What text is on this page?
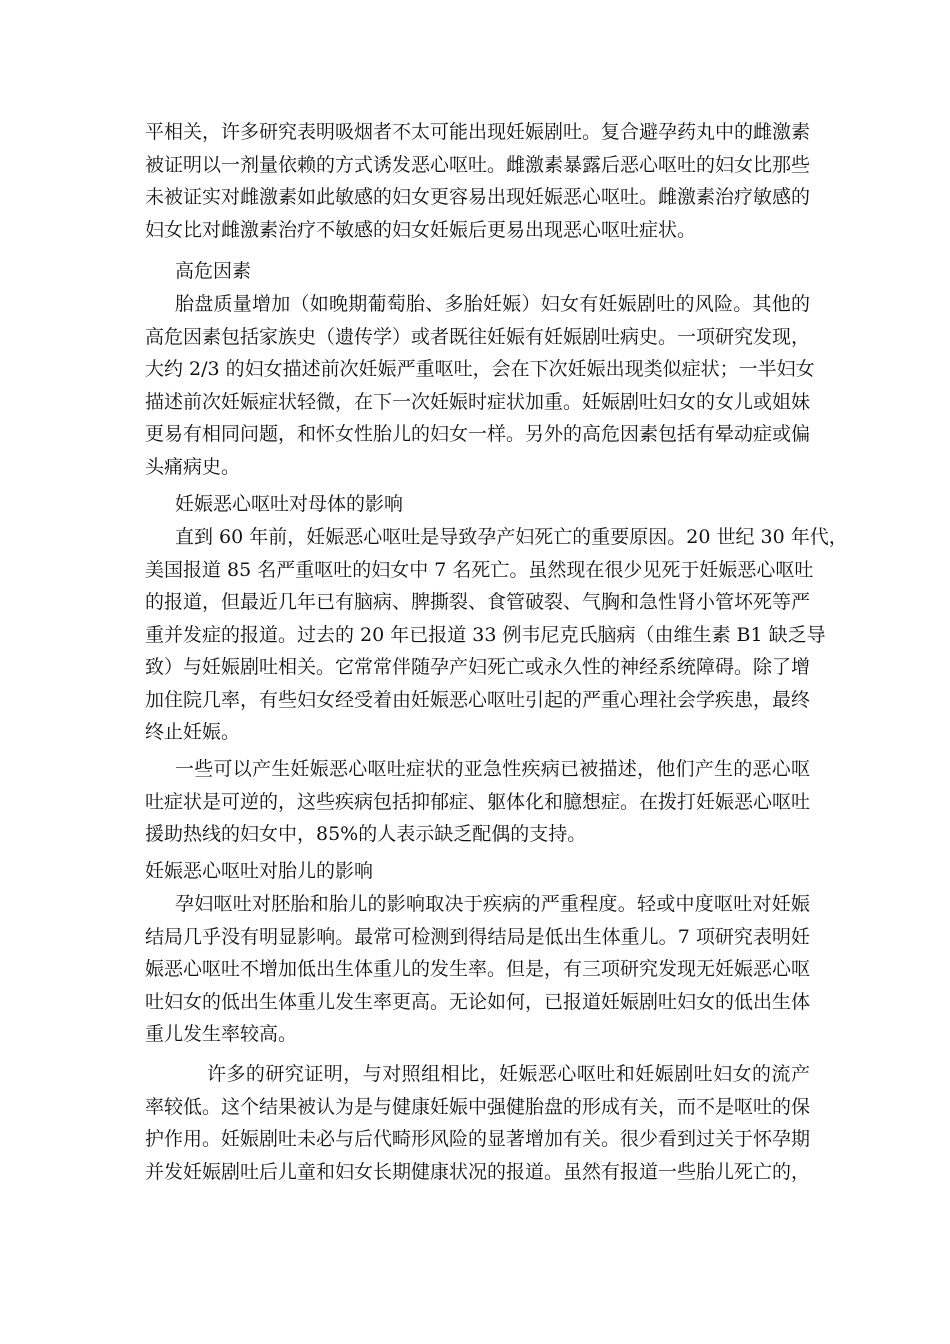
平相关，许多研究表明吸烟者不太可能出现妊娠剧吐。复合避孕药丸中的雌激素
被证明以一剂量依赖的方式诱发恶心呕吐。雌激素暴露后恶心呕吐的妇女比那些
未被证实对雌激素如此敏感的妇女更容易出现妊娠恶心呕吐。雌激素治疗敏感的
妇女比对雌激素治疗不敏感的妇女妊娠后更易出现恶心呕吐症状。
高危因素
胎盘质量增加（如晚期葡萄胎、多胎妊娠）妇女有妊娠剧吐的风险。其他的
高危因素包括家族史（遗传学）或者既往妊娠有妊娠剧吐病史。一项研究发现，
大约 2/3 的妇女描述前次妊娠严重呕吐，会在下次妊娠出现类似症状；一半妇女
描述前次妊娠症状轻微，在下一次妊娠时症状加重。妊娠剧吐妇女的女儿或姐妹
更易有相同问题，和怀女性胎儿的妇女一样。另外的高危因素包括有晕动症或偏
头痛病史。
妊娠恶心呕吐对母体的影响
直到 60 年前，妊娠恶心呕吐是导致孕产妇死亡的重要原因。20 世纪 30 年代，
美国报道 85 名严重呕吐的妇女中 7 名死亡。虽然现在很少见死于妊娠恶心呕吐
的报道，但最近几年已有脑病、脾撕裂、食管破裂、气胸和急性肾小管坏死等严
重并发症的报道。过去的 20 年已报道 33 例韦尼克氏脑病（由维生素 B1 缺乏导
致）与妊娠剧吐相关。它常常伴随孕产妇死亡或永久性的神经系统障碍。除了增
加住院几率，有些妇女经受着由妊娠恶心呕吐引起的严重心理社会学疾患，最终
终止妊娠。
一些可以产生妊娠恶心呕吐症状的亚急性疾病已被描述，他们产生的恶心呕
吐症状是可逆的，这些疾病包括抑郁症、躯体化和臆想症。在拨打妊娠恶心呕吐
援助热线的妇女中，85%的人表示缺乏配偶的支持。
妊娠恶心呕吐对胎儿的影响
孕妇呕吐对胚胎和胎儿的影响取决于疾病的严重程度。轻或中度呕吐对妊娠
结局几乎没有明显影响。最常可检测到得结局是低出生体重儿。7 项研究表明妊
娠恶心呕吐不增加低出生体重儿的发生率。但是，有三项研究发现无妊娠恶心呕
吐妇女的低出生体重儿发生率更高。无论如何，已报道妊娠剧吐妇女的低出生体
重儿发生率较高。
许多的研究证明，与对照组相比，妊娠恶心呕吐和妊娠剧吐妇女的流产
率较低。这个结果被认为是与健康妊娠中强健胎盘的形成有关，而不是呕吐的保
护作用。妊娠剧吐未必与后代畸形风险的显著增加有关。很少看到过关于怀孕期
并发妊娠剧吐后儿童和妇女长期健康状况的报道。虽然有报道一些胎儿死亡的，
